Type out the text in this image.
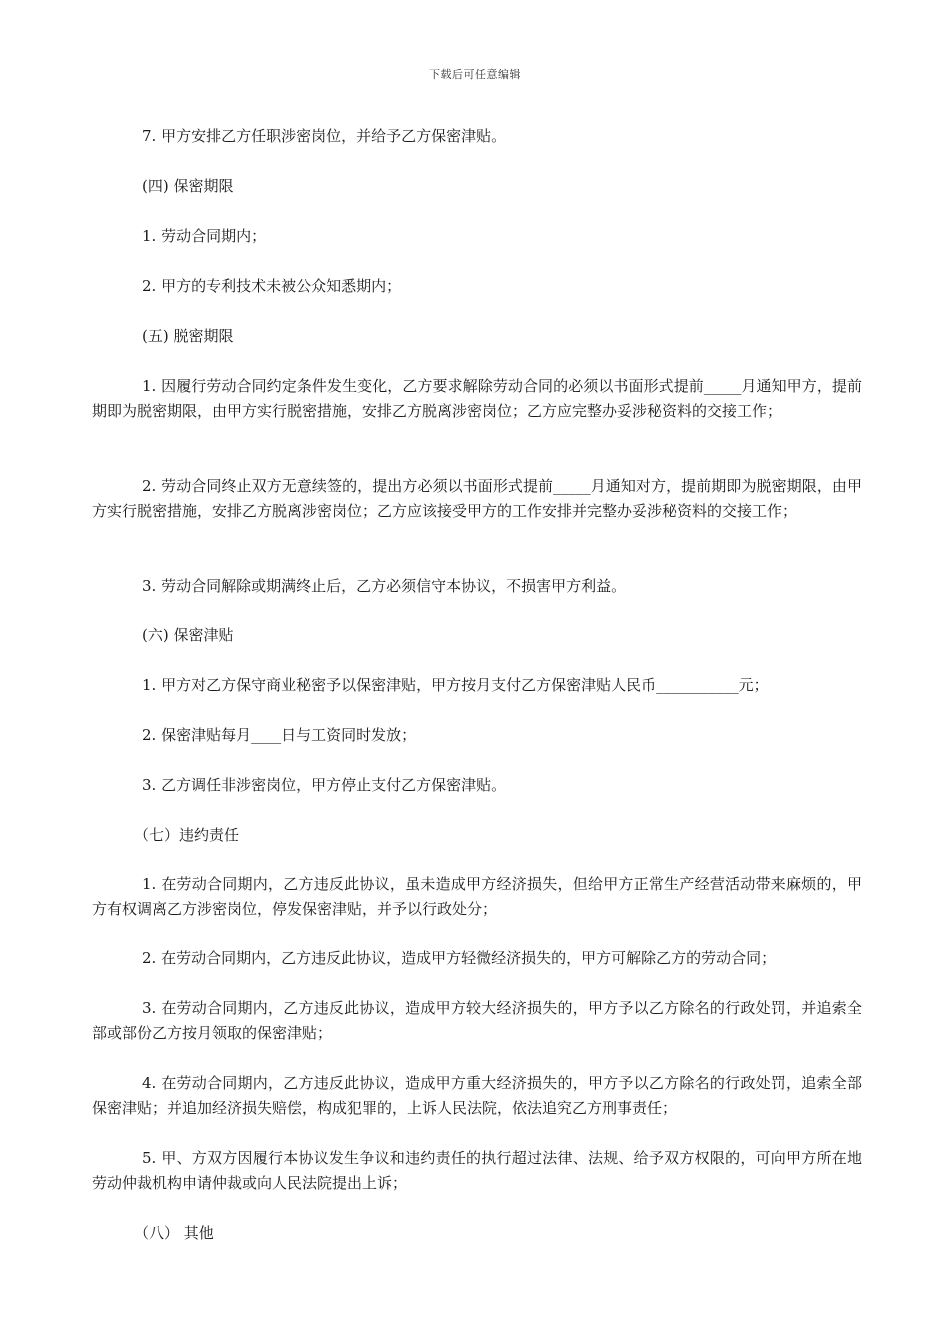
下载后可任意编辑

7. 甲方安排乙方任职涉密岗位，并给予乙方保密津贴。

(四) 保密期限

1. 劳动合同期内；

2. 甲方的专利技术未被公众知悉期内；

(五) 脱密期限

1. 因履行劳动合同约定条件发生变化，乙方要求解除劳动合同的必须以书面形式提前_____月通知甲方，提前期即为脱密期限，由甲方实行脱密措施，安排乙方脱离涉密岗位；乙方应完整办妥涉秘资料的交接工作；

2. 劳动合同终止双方无意续签的，提出方必须以书面形式提前_____月通知对方，提前期即为脱密期限，由甲方实行脱密措施，安排乙方脱离涉密岗位；乙方应该接受甲方的工作安排并完整办妥涉秘资料的交接工作；

3. 劳动合同解除或期满终止后，乙方必须信守本协议，不损害甲方利益。

(六) 保密津贴

1. 甲方对乙方保守商业秘密予以保密津贴，甲方按月支付乙方保密津贴人民币___________元；

2. 保密津贴每月____日与工资同时发放；

3. 乙方调任非涉密岗位，甲方停止支付乙方保密津贴。

（七）违约责任

1. 在劳动合同期内，乙方违反此协议，虽未造成甲方经济损失，但给甲方正常生产经营活动带来麻烦的，甲方有权调离乙方涉密岗位，停发保密津贴，并予以行政处分；

2. 在劳动合同期内，乙方违反此协议，造成甲方轻微经济损失的，甲方可解除乙方的劳动合同；

3. 在劳动合同期内，乙方违反此协议，造成甲方较大经济损失的，甲方予以乙方除名的行政处罚，并追索全部或部份乙方按月领取的保密津贴；

4. 在劳动合同期内，乙方违反此协议，造成甲方重大经济损失的，甲方予以乙方除名的行政处罚，追索全部保密津贴；并追加经济损失赔偿，构成犯罪的，上诉人民法院，依法追究乙方刑事责任；

5. 甲、方双方因履行本协议发生争议和违约责任的执行超过法律、法规、给予双方权限的，可向甲方所在地劳动仲裁机构申请仲裁或向人民法院提出上诉；

（八） 其他
